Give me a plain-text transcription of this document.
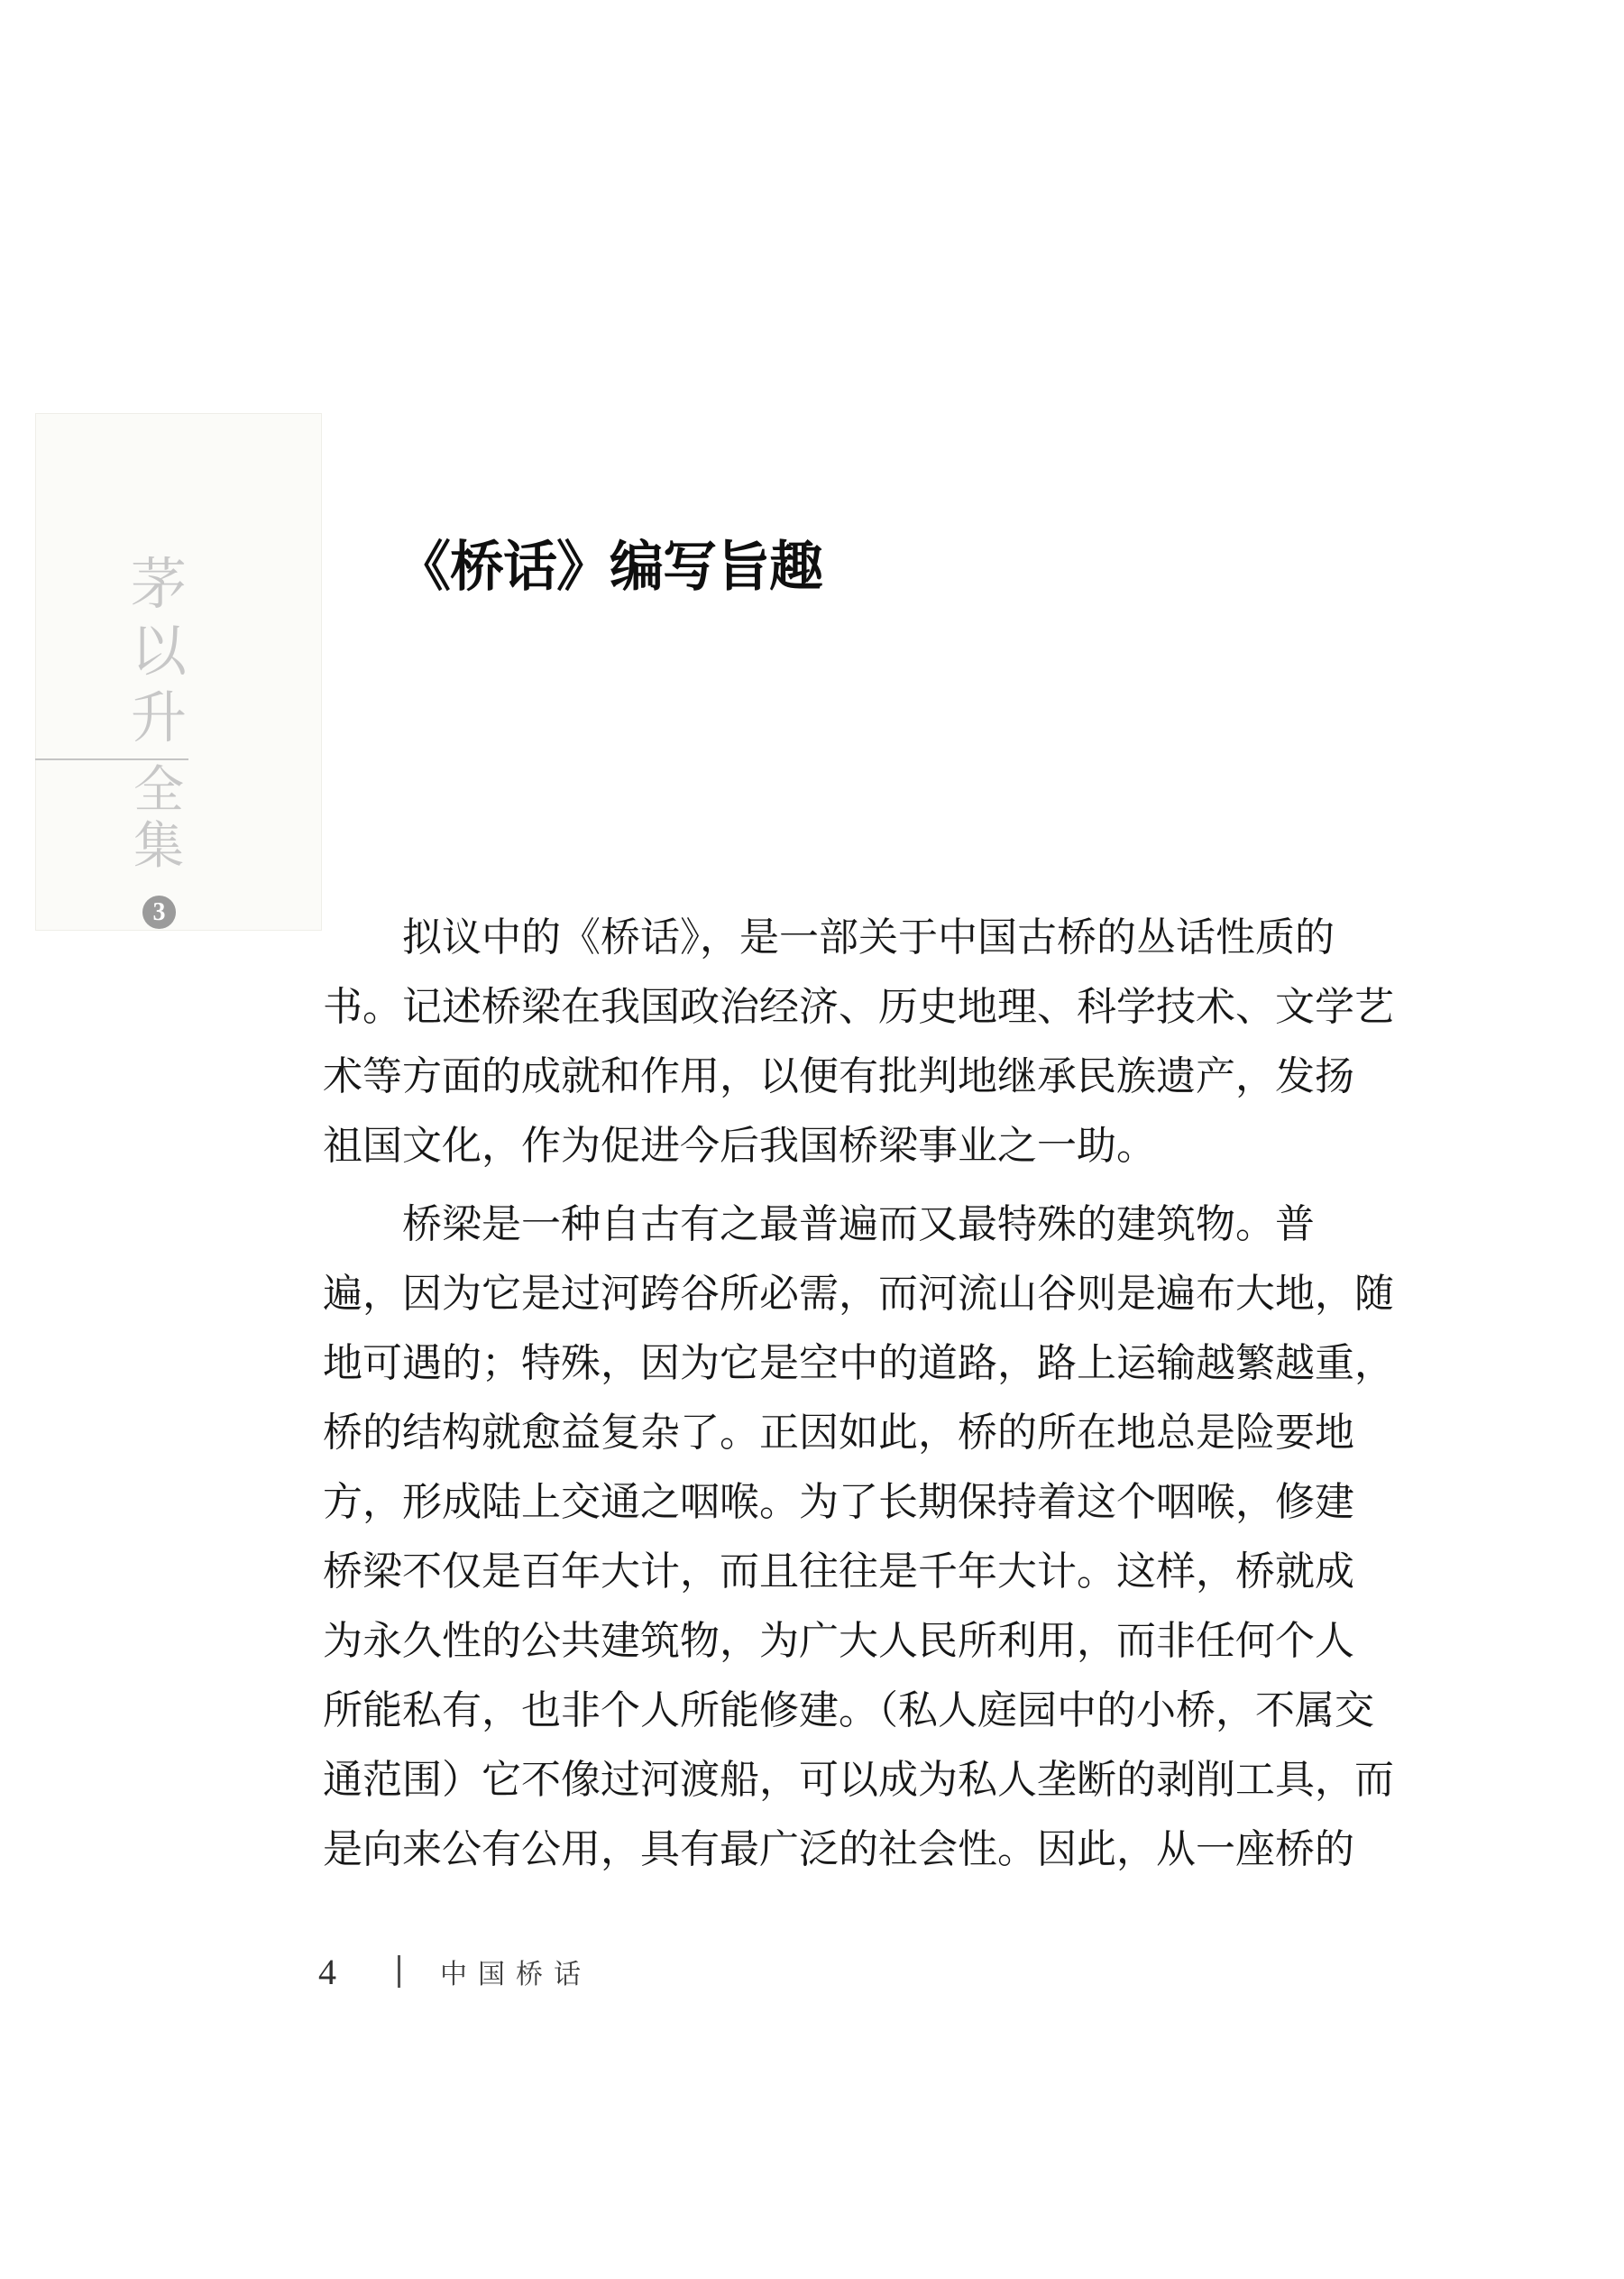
茅
以
升
全
集
3
《桥话》编写旨趣
拟议中的《桥话》，是一部关于中国古桥的丛话性质的
书。记述桥梁在我国政治经济、历史地理、科学技术、文学艺
术等方面的成就和作用，以便有批判地继承民族遗产，发扬
祖国文化，作为促进今后我国桥梁事业之一助。
桥梁是一种自古有之最普遍而又最特殊的建筑物。普
遍，因为它是过河跨谷所必需，而河流山谷则是遍布大地，随
地可遇的；特殊，因为它是空中的道路，路上运输越繁越重，
桥的结构就愈益复杂了。正因如此，桥的所在地总是险要地
方，形成陆上交通之咽喉。为了长期保持着这个咽喉，修建
桥梁不仅是百年大计，而且往往是千年大计。这样，桥就成
为永久性的公共建筑物，为广大人民所利用，而非任何个人
所能私有，也非个人所能修建。（私人庭园中的小桥，不属交
通范围）它不像过河渡船，可以成为私人垄断的剥削工具，而
是向来公有公用，具有最广泛的社会性。因此，从一座桥的
4	中国桥话
